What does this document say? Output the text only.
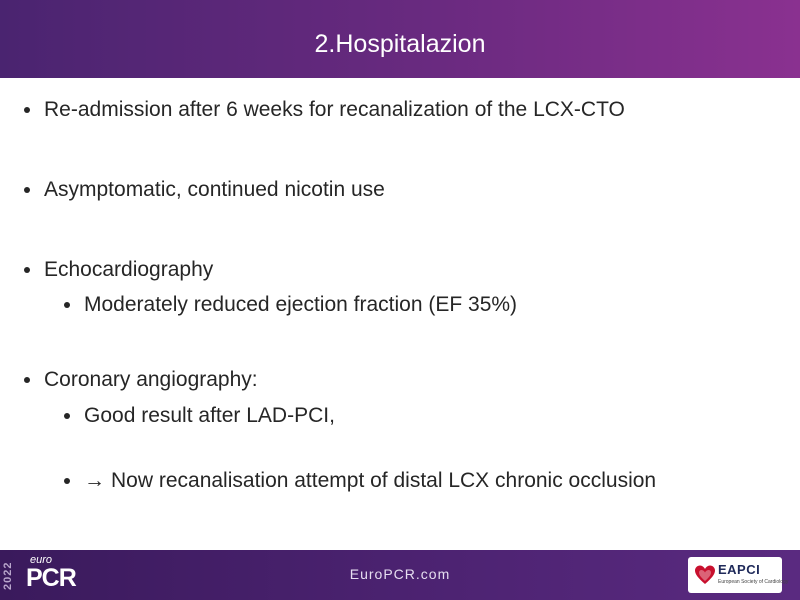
2.Hospitalazion
Re-admission after 6 weeks for recanalization of the LCX-CTO
Asymptomatic, continued nicotin use
Echocardiography
Moderately reduced ejection fraction (EF 35%)
Coronary angiography:
Good result after LAD-PCI,
→ Now recanalisation attempt of distal LCX chronic occlusion
2022
euro
PCR	EuroPCR.com	EAPCI
European Society of Cardiology
